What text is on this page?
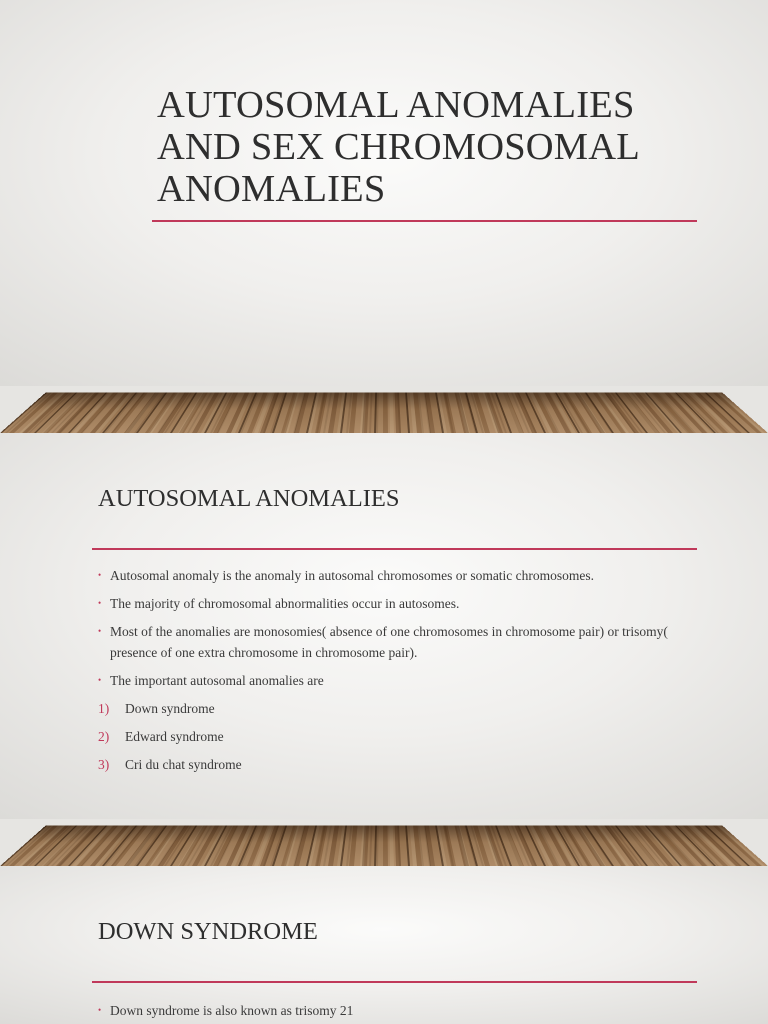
AUTOSOMAL ANOMALIES
AND SEX CHROMOSOMAL
ANOMALIES
AUTOSOMAL ANOMALIES
• Autosomal anomaly is the anomaly in autosomal chromosomes or somatic chromosomes.
• The majority of chromosomal abnormalities occur in autosomes.
• Most of the anomalies are monosomies( absence of one chromosomes in chromosome pair) or trisomy( presence of one extra chromosome in chromosome pair).
• The important autosomal anomalies are
1) Down syndrome
2) Edward syndrome
3) Cri du chat syndrome
DOWN SYNDROME
• Down syndrome is also known as trisomy 21
